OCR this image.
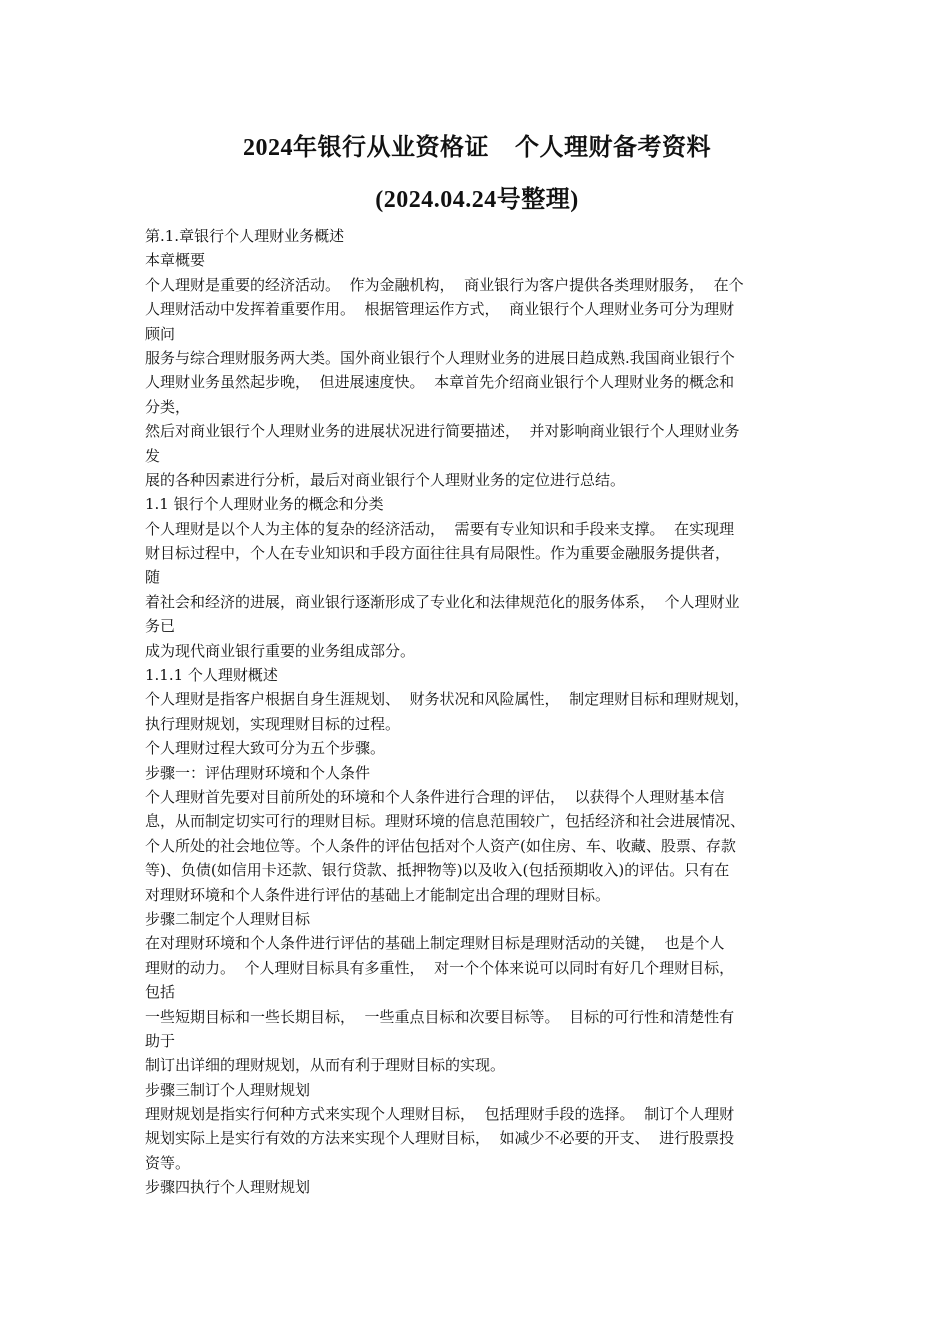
2024年银行从业资格证    个人理财备考资料
(2024.04.24号整理)
第.1.章银行个人理财业务概述
本章概要
个人理财是重要的经济活动。  作为金融机构，  商业银行为客户提供各类理财服务，  在个
人理财活动中发挥着重要作用。  根据管理运作方式，  商业银行个人理财业务可分为理财
顾问
服务与综合理财服务两大类。国外商业银行个人理财业务的进展日趋成熟.我国商业银行个
人理财业务虽然起步晚，  但进展速度快。  本章首先介绍商业银行个人理财业务的概念和
分类，
然后对商业银行个人理财业务的进展状况进行简要描述，  并对影响商业银行个人理财业务
发
展的各种因素进行分析，最后对商业银行个人理财业务的定位进行总结。
1.1 银行个人理财业务的概念和分类
个人理财是以个人为主体的复杂的经济活动，  需要有专业知识和手段来支撑。  在实现理
财目标过程中，个人在专业知识和手段方面往往具有局限性。作为重要金融服务提供者，
随
着社会和经济的进展，商业银行逐渐形成了专业化和法律规范化的服务体系，  个人理财业
务已
成为现代商业银行重要的业务组成部分。
1.1.1 个人理财概述
个人理财是指客户根据自身生涯规划、  财务状况和风险属性，  制定理财目标和理财规划，
执行理财规划，实现理财目标的过程。
个人理财过程大致可分为五个步骤。
步骤一：评估理财环境和个人条件
个人理财首先要对目前所处的环境和个人条件进行合理的评估，  以获得个人理财基本信
息，从而制定切实可行的理财目标。理财环境的信息范围较广，包括经济和社会进展情况、
个人所处的社会地位等。个人条件的评估包括对个人资产(如住房、车、收藏、股票、存款
等)、负债(如信用卡还款、银行贷款、抵押物等)以及收入(包括预期收入)的评估。只有在
对理财环境和个人条件进行评估的基础上才能制定出合理的理财目标。
步骤二制定个人理财目标
在对理财环境和个人条件进行评估的基础上制定理财目标是理财活动的关键，  也是个人
理财的动力。  个人理财目标具有多重性，  对一个个体来说可以同时有好几个理财目标，
包括
一些短期目标和一些长期目标，  一些重点目标和次要目标等。  目标的可行性和清楚性有
助于
制订出详细的理财规划，从而有利于理财目标的实现。
步骤三制订个人理财规划
理财规划是指实行何种方式来实现个人理财目标，  包括理财手段的选择。  制订个人理财
规划实际上是实行有效的方法来实现个人理财目标，  如减少不必要的开支、  进行股票投
资等。
步骤四执行个人理财规划
